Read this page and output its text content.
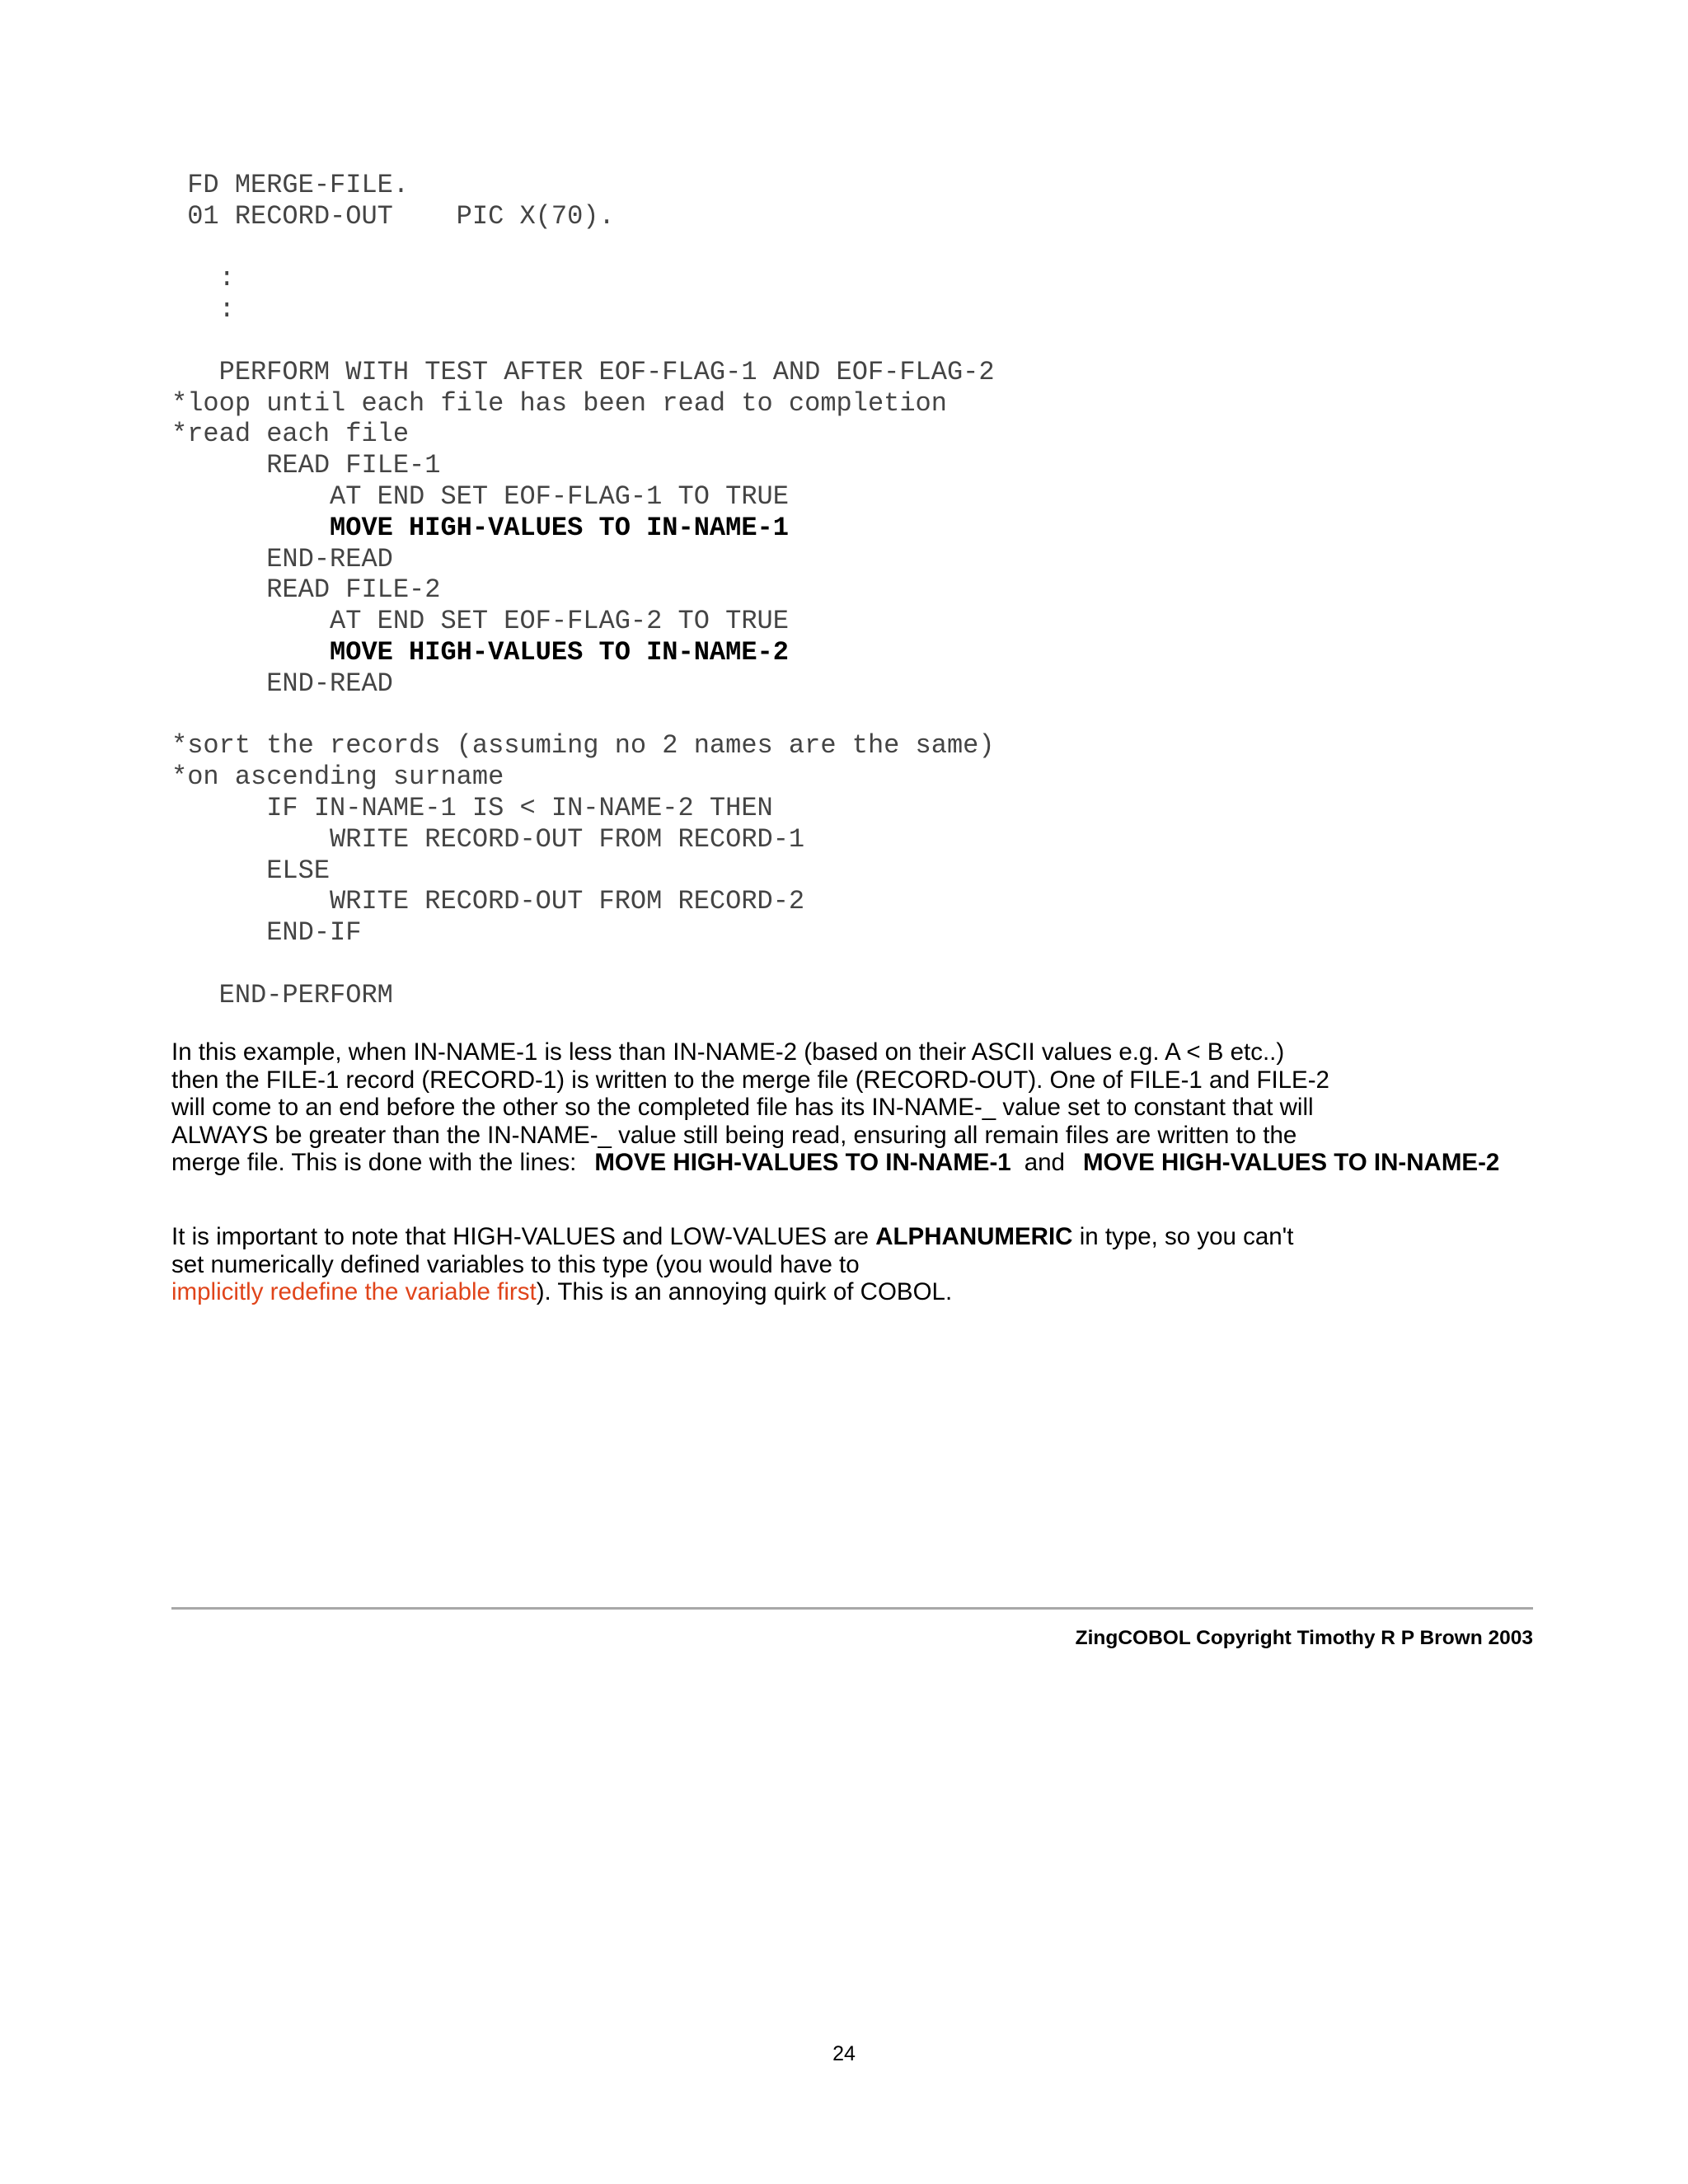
FD MERGE-FILE.
01 RECORD-OUT    PIC X(70).
:
:
PERFORM WITH TEST AFTER EOF-FLAG-1 AND EOF-FLAG-2
*loop until each file has been read to completion
*read each file
READ FILE-1
AT END SET EOF-FLAG-1 TO TRUE
MOVE HIGH-VALUES TO IN-NAME-1
END-READ
READ FILE-2
AT END SET EOF-FLAG-2 TO TRUE
MOVE HIGH-VALUES TO IN-NAME-2
END-READ
*sort the records (assuming no 2 names are the same)
*on ascending surname
IF IN-NAME-1 IS < IN-NAME-2 THEN
WRITE RECORD-OUT FROM RECORD-1
ELSE
WRITE RECORD-OUT FROM RECORD-2
END-IF
END-PERFORM
In this example, when IN-NAME-1 is less than IN-NAME-2 (based on their ASCII values e.g. A < B etc..)
then the FILE-1 record (RECORD-1) is written to the merge file (RECORD-OUT). One of FILE-1 and FILE-2
will come to an end before the other so the completed file has its IN-NAME-_ value set to constant that will
ALWAYS be greater than the IN-NAME-_ value still being read, ensuring all remain files are written to the
merge file. This is done with the lines: MOVE HIGH-VALUES TO IN-NAME-1 and MOVE HIGH-VALUES TO IN-NAME-2
It is important to note that HIGH-VALUES and LOW-VALUES are ALPHANUMERIC in type, so you can't
set numerically defined variables to this type (you would have to
implicitly redefine the variable first). This is an annoying quirk of COBOL.
ZingCOBOL Copyright Timothy R P Brown 2003
24
